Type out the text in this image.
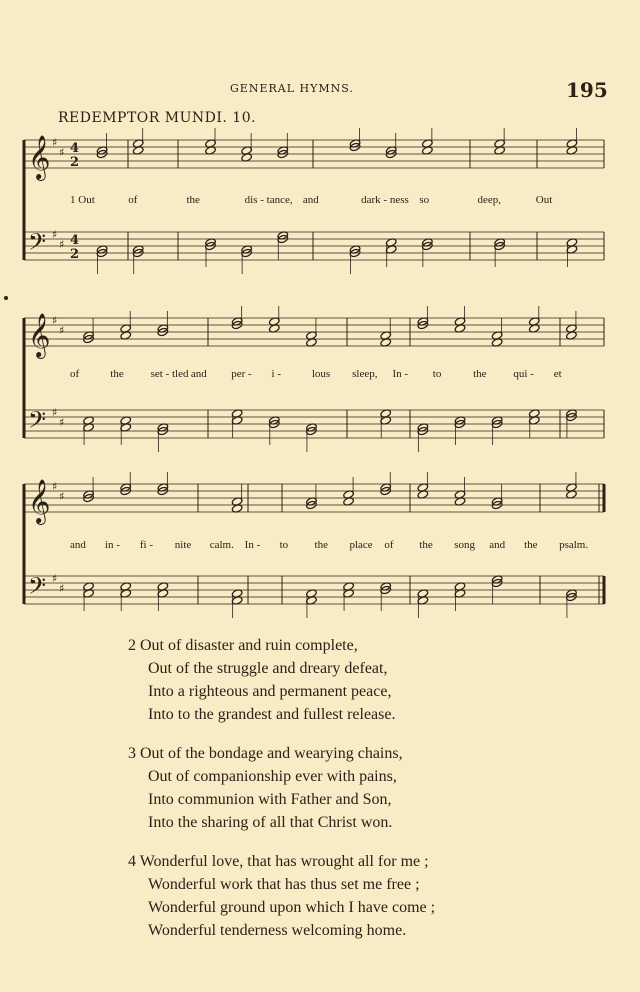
GENERAL HYMNS.	195
REDEMPTOR MUNDI. 10.
𝄞 ♯
♯
𝄢 ♯
♯
4
2
4
2
1 Out	of	the	dis - tance, and	dark - ness so	deep,	Out
𝄞 ♯
♯
𝄢 ♯
♯
of	the set - tled and per - i -	lous sleep, In - to	the qui - et
𝄞 ♯
♯
𝄢 ♯
♯
and in - fi - nite calm. In - to the place of the song and the psalm.
2 Out of disaster and ruin complete,
Out of the struggle and dreary defeat,
Into a righteous and permanent peace,
Into to the grandest and fullest release.
3 Out of the bondage and wearying chains,
Out of companionship ever with pains,
Into communion with Father and Son,
Into the sharing of all that Christ won.
4 Wonderful love, that has wrought all for me ;
Wonderful work that has thus set me free ;
Wonderful ground upon which I have come ;
Wonderful tenderness welcoming home.
